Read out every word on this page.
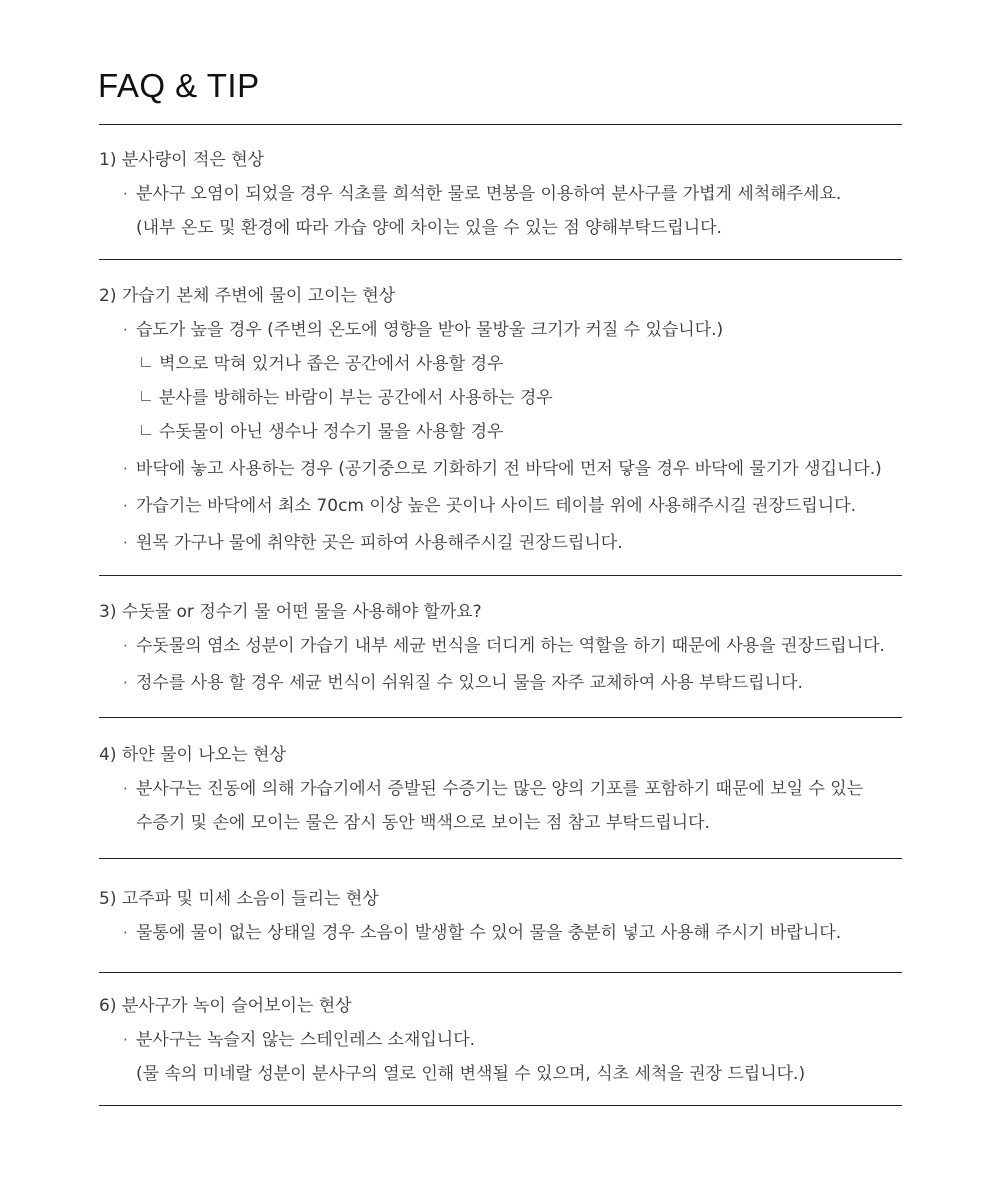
FAQ & TIP

1) 분사량이 적은 현상

· 분사구 오염이 되었을 경우 식초를 희석한 물로 면봉을 이용하여 분사구를 가볍게 세척해주세요.
(내부 온도 및 환경에 따라 가습 양에 차이는 있을 수 있는 점 양해부탁드립니다.

2) 가습기 본체 주변에 물이 고이는 현상

· 습도가 높을 경우 (주변의 온도에 영향을 받아 물방울 크기가 커질 수 있습니다.)
벽으로 막혀 있거나 좁은 공간에서 사용할 경우
분사를 방해하는 바람이 부는 공간에서 사용하는 경우
수돗물이 아닌 생수나 정수기 물을 사용할 경우
· 바닥에 놓고 사용하는 경우 (공기중으로 기화하기 전 바닥에 먼저 닿을 경우 바닥에 물기가 생깁니다.)
· 가습기는 바닥에서 최소 70cm 이상 높은 곳이나 사이드 테이블 위에 사용해주시길 권장드립니다.
· 원목 가구나 물에 취약한 곳은 피하여 사용해주시길 권장드립니다.

3) 수돗물 or 정수기 물 어떤 물을 사용해야 할까요?

· 수돗물의 염소 성분이 가습기 내부 세균 번식을 더디게 하는 역할을 하기 때문에 사용을 권장드립니다.
· 정수를 사용 할 경우 세균 번식이 쉬워질 수 있으니 물을 자주 교체하여 사용 부탁드립니다.

4) 하얀 물이 나오는 현상

· 분사구는 진동에 의해 가습기에서 증발된 수증기는 많은 양의 기포를 포함하기 때문에 보일 수 있는
수증기 및 손에 모이는 물은 잠시 동안 백색으로 보이는 점 참고 부탁드립니다.

5) 고주파 및 미세 소음이 들리는 현상

· 물통에 물이 없는 상태일 경우 소음이 발생할 수 있어 물을 충분히 넣고 사용해 주시기 바랍니다.

6) 분사구가 녹이 슬어보이는 현상

· 분사구는 녹슬지 않는 스테인레스 소재입니다.
(물 속의 미네랄 성분이 분사구의 열로 인해 변색될 수 있으며, 식초 세척을 권장 드립니다.)
